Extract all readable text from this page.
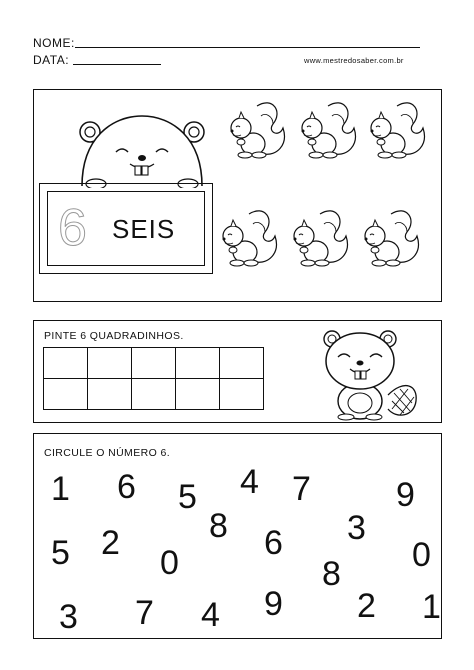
NOME:
DATA:	www.mestredosaber.com.br
6 SEIS
PINTE 6 QUADRADINHOS.

CIRCULE O NÚMERO 6.
1 6 5 4 7	9
8	3
5 2
0
6	0
8
3 7 4 9 2 1
